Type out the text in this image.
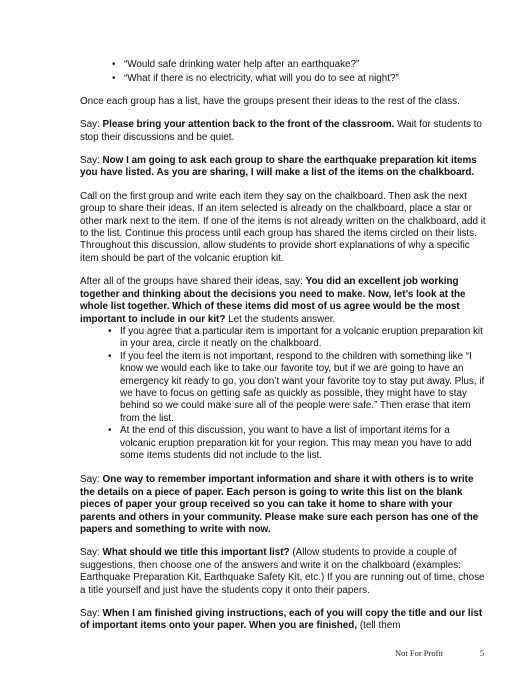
• “Would safe drinking water help after an earthquake?”
• “What if there is no electricity, what will you do to see at night?”

Once each group has a list, have the groups present their ideas to the rest of the class.

Say: Please bring your attention back to the front of the classroom. Wait for students to stop their discussions and be quiet.

Say: Now I am going to ask each group to share the earthquake preparation kit items you have listed. As you are sharing, I will make a list of the items on the chalkboard.

Call on the first group and write each item they say on the chalkboard. Then ask the next group to share their ideas. If an item selected is already on the chalkboard, place a star or other mark next to the item. If one of the items is not already written on the chalkboard, add it to the list. Continue this process until each group has shared the items circled on their lists. Throughout this discussion, allow students to provide short explanations of why a specific item should be part of the volcanic eruption kit.

After all of the groups have shared their ideas, say: You did an excellent job working together and thinking about the decisions you need to make. Now, let’s look at the whole list together. Which of these items did most of us agree would be the most important to include in our kit? Let the students answer.

• If you agree that a particular item is important for a volcanic eruption preparation kit in your area, circle it neatly on the chalkboard.
• If you feel the item is not important, respond to the children with something like “I know we would each like to take our favorite toy, but if we are going to have an emergency kit ready to go, you don’t want your favorite toy to stay put away. Plus, if we have to focus on getting safe as quickly as possible, they might have to stay behind so we could make sure all of the people were safe.” Then erase that item from the list.
• At the end of this discussion, you want to have a list of important items for a volcanic eruption preparation kit for your region. This may mean you have to add some items students did not include to the list.

Say: One way to remember important information and share it with others is to write the details on a piece of paper. Each person is going to write this list on the blank pieces of paper your group received so you can take it home to share with your parents and others in your community. Please make sure each person has one of the papers and something to write with now.

Say: What should we title this important list? (Allow students to provide a couple of suggestions, then choose one of the answers and write it on the chalkboard (examples: Earthquake Preparation Kit, Earthquake Safety Kit, etc.) If you are running out of time, chose a title yourself and just have the students copy it onto their papers.

Say: When I am finished giving instructions, each of you will copy the title and our list of important items onto your paper. When you are finished, (tell them

Not For Profit	5
